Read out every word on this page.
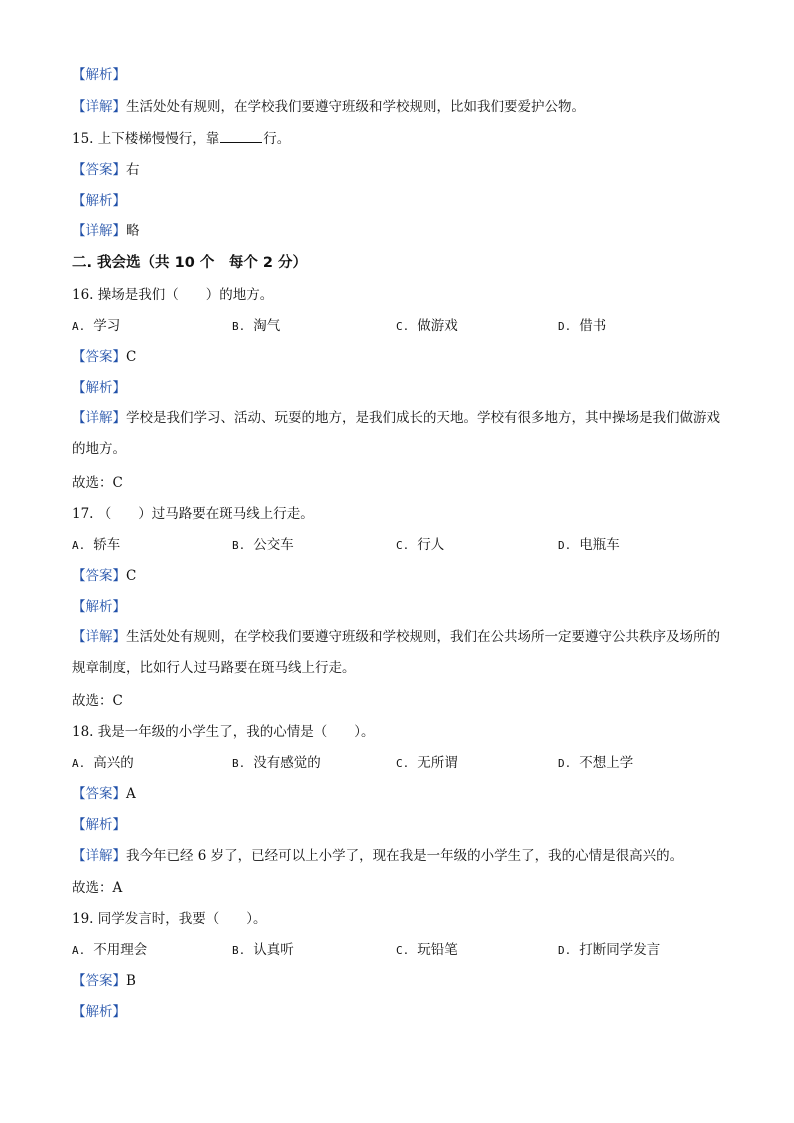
【解析】
【详解】生活处处有规则，在学校我们要遵守班级和学校规则，比如我们要爱护公物。
15. 上下楼梯慢慢行，靠	行。
【答案】右
【解析】
【详解】略
二. 我会选（共 10 个　每个 2 分）
16. 操场是我们（　　）的地方。
A. 学习	B. 淘气	C. 做游戏	D. 借书
【答案】C
【解析】
【详解】学校是我们学习、活动、玩耍的地方，是我们成长的天地。学校有很多地方，其中操场是我们做游戏的地方。
故选：C
17. （　　）过马路要在斑马线上行走。
A. 轿车	B. 公交车	C. 行人	D. 电瓶车
【答案】C
【解析】
【详解】生活处处有规则，在学校我们要遵守班级和学校规则，我们在公共场所一定要遵守公共秩序及场所的规章制度，比如行人过马路要在斑马线上行走。
故选：C
18. 我是一年级的小学生了，我的心情是（　　）。
A. 高兴的	B. 没有感觉的	C. 无所谓	D. 不想上学
【答案】A
【解析】
【详解】我今年已经 6 岁了，已经可以上小学了，现在我是一年级的小学生了，我的心情是很高兴的。
故选：A
19. 同学发言时，我要（　　）。
A. 不用理会	B. 认真听	C. 玩铅笔	D. 打断同学发言
【答案】B
【解析】
